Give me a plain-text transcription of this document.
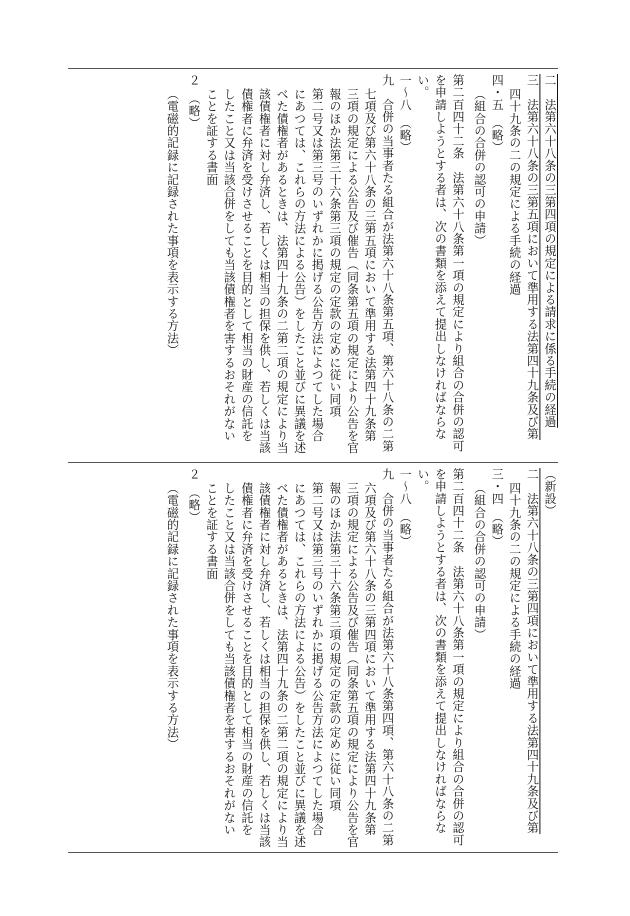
二　法第六十八条の三第四項の規定による請求に係る手続の経過
三　法第六十八条の三第五項において準用する法第四十九条及び第
四十九条の二の規定による手続の経過
四・五　（略）
（組合の合併の認可の申請）
第二百四十二条　法第六十八条第一項の規定により組合の合併の認可
を申請しようとする者は、次の書類を添えて提出しなければならな
い。
一～八　（略）
九　合併の当事者たる組合が法第六十八条第五項、第六十八条の二第
七項及び第六十八条の三第五項において準用する法第四十九条第
三項の規定による公告及び催告（同条第五項の規定により公告を官
報のほか法第三十六条第三項の規定の定款の定めに従い同項
第二号又は第三号のいずれかに掲げる公告方法によつてした場合
にあつては、これらの方法による公告）をしたこと並びに異議を述
べた債権者があるときは、法第四十九条の二第二項の規定により当
該債権者に対し弁済し、若しくは相当の担保を供し、若しくは当該
債権者に弁済を受けさせることを目的として相当の財産の信託を
したこと又は当該合併をしても当該債権者を害するおそれがない
ことを証する書面
２　（略）
（電磁的記録に記録された事項を表示する方法）
（新設）
二　法第六十八条の三第四項において準用する法第四十九条及び第
四十九条の二の規定による手続の経過
三・四　（略）
（組合の合併の認可の申請）
第二百四十二条　法第六十八条第一項の規定により組合の合併の認可
を申請しようとする者は、次の書類を添えて提出しなければならな
い。
一～八　（略）
九　合併の当事者たる組合が法第六十八条第四項、第六十八条の二第
六項及び第六十八条の三第四項において準用する法第四十九条第
三項の規定による公告及び催告（同条第五項の規定により公告を官
報のほか法第三十六条第三項の規定の定款の定めに従い同項
第二号又は第三号のいずれかに掲げる公告方法によつてした場合
にあつては、これらの方法による公告）をしたこと並びに異議を述
べた債権者があるときは、法第四十九条の二第二項の規定により当
該債権者に対し弁済し、若しくは相当の担保を供し、若しくは当該
債権者に弁済を受けさせることを目的として相当の財産の信託を
したこと又は当該合併をしても当該債権者を害するおそれがない
ことを証する書面
２　（略）
（電磁的記録に記録された事項を表示する方法）
